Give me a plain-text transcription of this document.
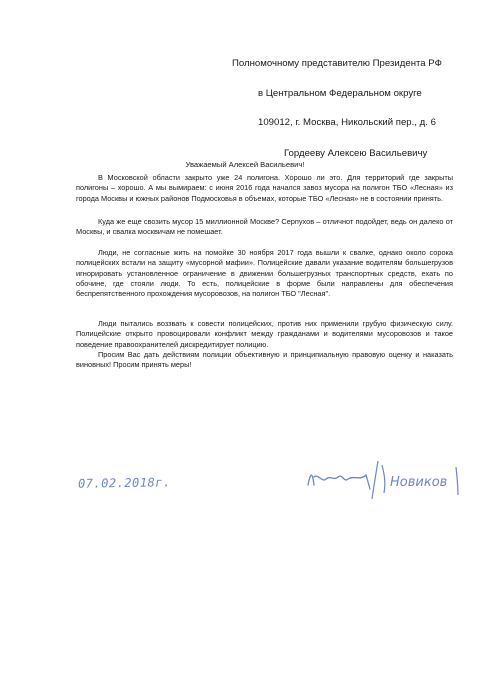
Полномочному представителю Президента РФ
в Центральном Федеральном округе
109012, г. Москва, Никольский пер., д. 6
Гордееву Алексею Васильевичу
Уважаемый Алексей Васильевич!

В Московской области закрыто уже 24 полигона. Хорошо ли это. Для территорий где закрыты полигоны – хорошо. А мы вымираем: с июня 2016 года начался завоз мусора на полигон ТБО «Лесная» из города Москвы и южных районов Подмосковья в объемах, которые ТБО «Лесная» не в состоянии принять.

Куда же еще свозить мусор 15 миллионной Москве? Серпухов – отличнот подойдет, ведь он далеко от Москвы, и свалка москвичам не помешает.

Люди, не согласные жить на помойке 30 ноября 2017 года вышли к свалке, однако около сорока полицейских встали на защиту «мусорной мафии». Полицейские давали указание водителям большегрузов игнорировать установленное ограничение в движении большегрузных транспортных средств, ехать по обочине, где стояли люди. То есть, полицейские в форме были направлены для обеспечения беспрепятственного прохождения мусоровозов, на полигон ТБО "Лесная".

Люди пытались воззвать к совести полицейских, против них применили грубую физическую силу. Полицейские открыто провоцировали конфликт между гражданами и водителями мусоровозов и такое поведение правоохранителей дискредитирует полицию.

Просим Вас дать действиям полиции объективную и принципиальную правовую оценку и наказать виновных! Просим принять меры!

07.02.2018г.	Новиков
